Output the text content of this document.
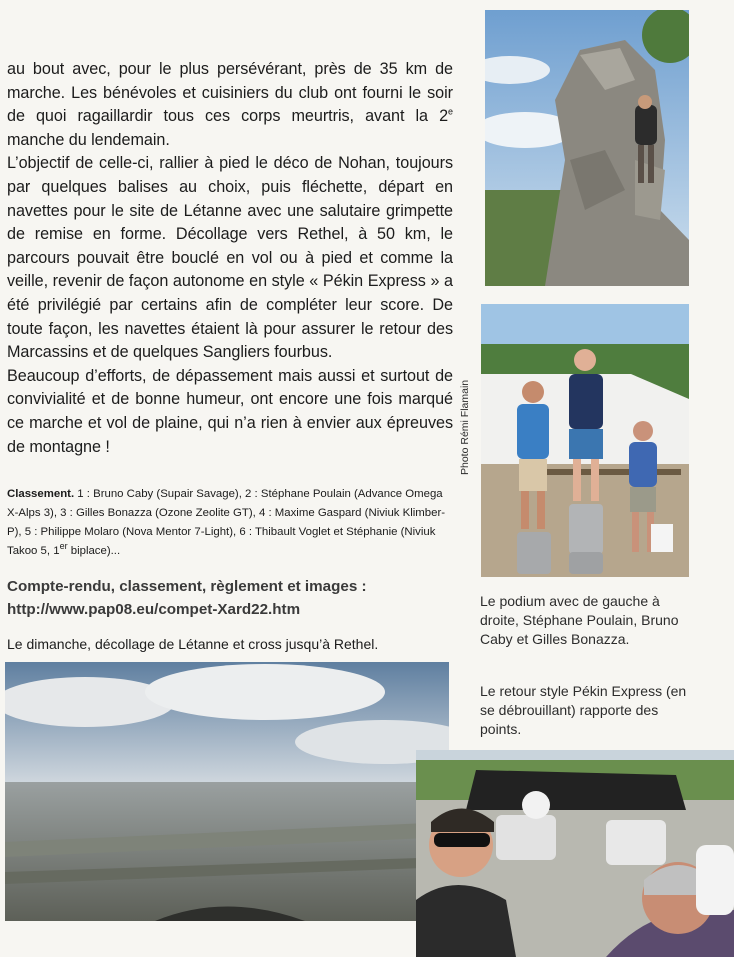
au bout avec, pour le plus persévérant, près de 35 km de marche. Les bénévoles et cuisiniers du club ont fourni le soir de quoi ragaillardir tous ces corps meurtris, avant la 2e manche du lendemain.

L’objectif de celle-ci, rallier à pied le déco de Nohan, toujours par quelques balises au choix, puis fléchette, départ en navettes pour le site de Létanne avec une salutaire grimpette de remise en forme. Décollage vers Rethel, à 50 km, le parcours pouvait être bouclé en vol ou à pied et comme la veille, revenir de façon autonome en style « Pékin Express » a été privilégié par certains afin de compléter leur score. De toute façon, les navettes étaient là pour assurer le retour des Marcassins et de quelques Sangliers fourbus.

Beaucoup d’efforts, de dépassement mais aussi et surtout de convivialité et de bonne humeur, ont encore une fois marqué ce marche et vol de plaine, qui n’a rien à envier aux épreuves de montagne !

Classement. 1 : Bruno Caby (Supair Savage), 2 : Stéphane Poulain (Advance Omega X-Alps 3), 3 : Gilles Bonazza (Ozone Zeolite GT), 4 : Maxime Gaspard (Niviuk Klimber-P), 5 : Philippe Molaro (Nova Mentor 7-Light), 6 : Thibault Voglet et Stéphanie (Niviuk Takoo 5, 1er biplace)...
Compte-rendu, classement, règlement et images :
http://www.pap08.eu/compet-Xard22.htm
Le dimanche, décollage de Létanne et cross jusqu’à Rethel.
Photo Rémi Flamain
Le podium avec de gauche à droite, Stéphane Poulain, Bruno Caby et Gilles Bonazza.
Le retour style Pékin Express (en se débrouillant) rapporte des points.
